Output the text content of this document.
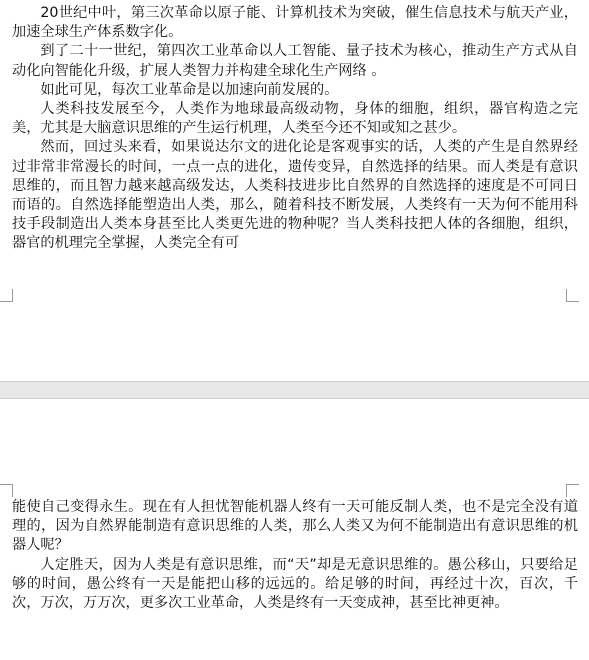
20世纪中叶，第三次革命以原子能、计算机技术为突破，催生信息技术与航天产业，加速全球生产体系数字化。

到了二十一世纪，第四次工业革命以人工智能、量子技术为核心，推动生产方式从自动化向智能化升级，扩展人类智力并构建全球化生产网络 。

如此可见，每次工业革命是以加速向前发展的。

人类科技发展至今，人类作为地球最高级动物，身体的细胞，组织，器官构造之完美，尤其是大脑意识思维的产生运行机理，人类至今还不知或知之甚少。

然而，回过头来看，如果说达尔文的进化论是客观事实的话，人类的产生是自然界经过非常非常漫长的时间，一点一点的进化，遗传变异，自然选择的结果。而人类是有意识思维的，而且智力越来越高级发达，人类科技进步比自然界的自然选择的速度是不可同日而语的。自然选择能塑造出人类，那么，随着科技不断发展，人类终有一天为何不能用科技手段制造出人类本身甚至比人类更先进的物种呢？当人类科技把人体的各细胞，组织，器官的机理完全掌握，人类完全有可

能使自己变得永生。现在有人担忧智能机器人终有一天可能反制人类，也不是完全没有道理的，因为自然界能制造有意识思维的人类，那么人类又为何不能制造出有意识思维的机器人呢？

人定胜天，因为人类是有意识思维，而“天”却是无意识思维的。愚公移山，只要给足够的时间，愚公终有一天是能把山移的远远的。给足够的时间，再经过十次，百次，千次，万次，万万次，更多次工业革命，人类是终有一天变成神，甚至比神更神。
